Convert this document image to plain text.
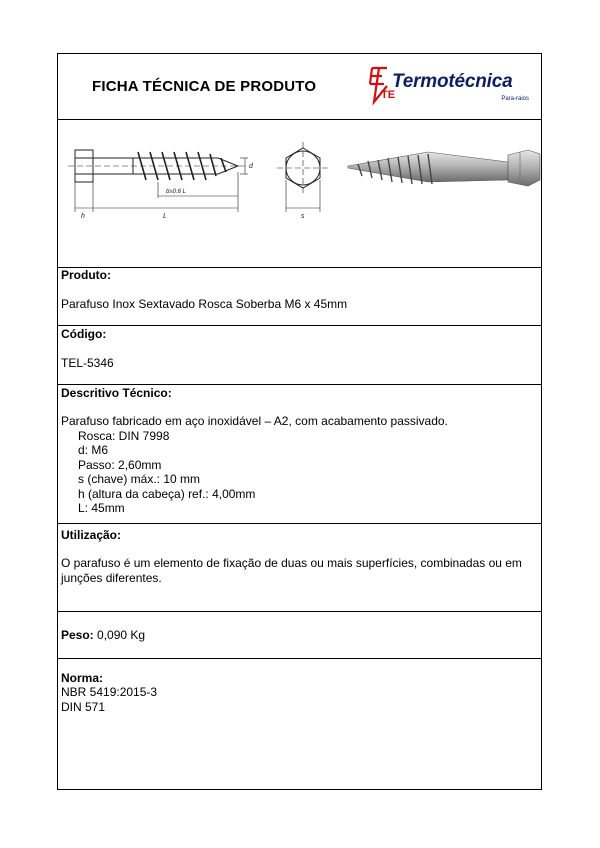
FICHA TÉCNICA DE PRODUTO	TE
Termotécnica
Para-raios
b≥0.6 L
d
h	L	s
Produto:
Parafuso Inox Sextavado Rosca Soberba M6 x 45mm
Código:
TEL-5346
Descritivo Técnico:
Parafuso fabricado em aço inoxidável – A2, com acabamento passivado.
Rosca: DIN 7998
d: M6
Passo: 2,60mm
s (chave) máx.: 10 mm
h (altura da cabeça) ref.: 4,00mm
L: 45mm
Utilização:
O parafuso é um elemento de fixação de duas ou mais superfícies, combinadas ou em junções diferentes.
Peso: 0,090 Kg
Norma:
NBR 5419:2015-3
DIN 571
